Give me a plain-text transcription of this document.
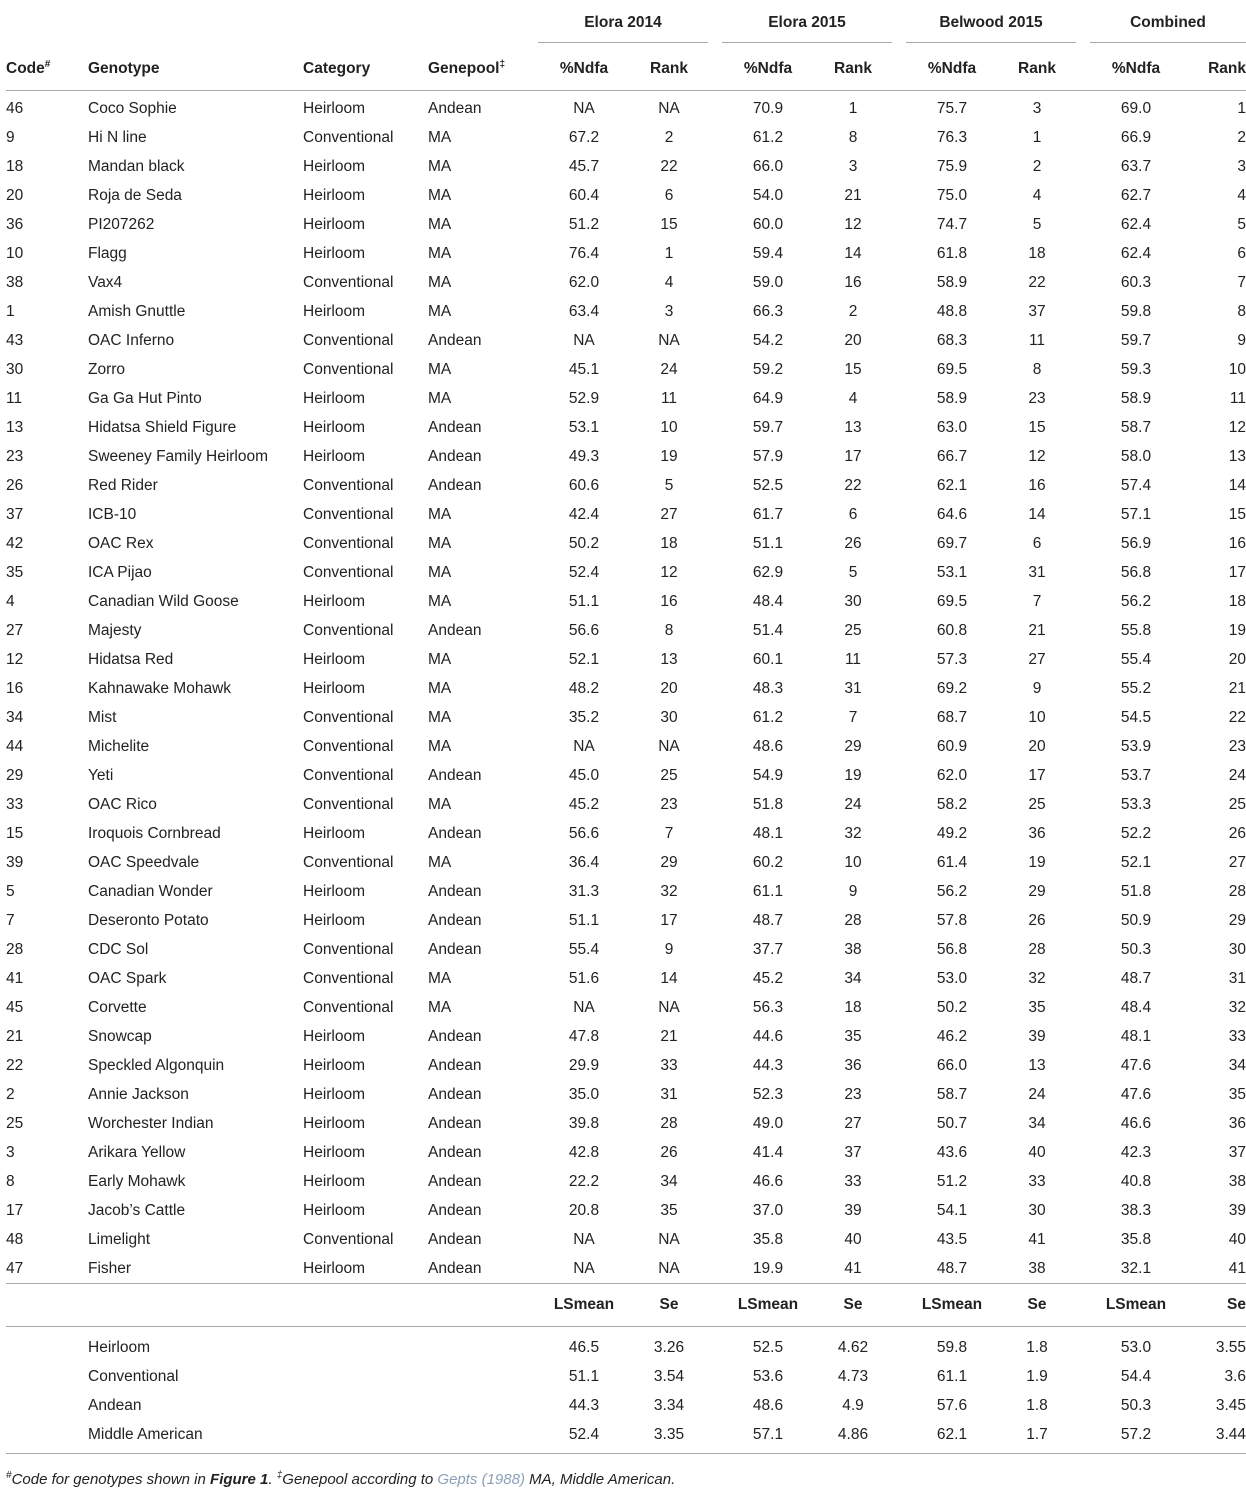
				Elora 2014			Elora 2015			Belwood 2015			Combined	

Code#	Genotype	Category	Genepool‡	%Ndfa	Rank		%Ndfa	Rank		%Ndfa	Rank		%Ndfa	Rank
46	Coco Sophie	Heirloom	Andean	NA	NA		70.9	1		75.7	3		69.0	1
9	Hi N line	Conventional	MA	67.2	2		61.2	8		76.3	1		66.9	2
18	Mandan black	Heirloom	MA	45.7	22		66.0	3		75.9	2		63.7	3
20	Roja de Seda	Heirloom	MA	60.4	6		54.0	21		75.0	4		62.7	4
36	PI207262	Heirloom	MA	51.2	15		60.0	12		74.7	5		62.4	5
10	Flagg	Heirloom	MA	76.4	1		59.4	14		61.8	18		62.4	6
38	Vax4	Conventional	MA	62.0	4		59.0	16		58.9	22		60.3	7
1	Amish Gnuttle	Heirloom	MA	63.4	3		66.3	2		48.8	37		59.8	8
43	OAC Inferno	Conventional	Andean	NA	NA		54.2	20		68.3	11		59.7	9
30	Zorro	Conventional	MA	45.1	24		59.2	15		69.5	8		59.3	10
11	Ga Ga Hut Pinto	Heirloom	MA	52.9	11		64.9	4		58.9	23		58.9	11
13	Hidatsa Shield Figure	Heirloom	Andean	53.1	10		59.7	13		63.0	15		58.7	12
23	Sweeney Family Heirloom	Heirloom	Andean	49.3	19		57.9	17		66.7	12		58.0	13
26	Red Rider	Conventional	Andean	60.6	5		52.5	22		62.1	16		57.4	14
37	ICB-10	Conventional	MA	42.4	27		61.7	6		64.6	14		57.1	15
42	OAC Rex	Conventional	MA	50.2	18		51.1	26		69.7	6		56.9	16
35	ICA Pijao	Conventional	MA	52.4	12		62.9	5		53.1	31		56.8	17
4	Canadian Wild Goose	Heirloom	MA	51.1	16		48.4	30		69.5	7		56.2	18
27	Majesty	Conventional	Andean	56.6	8		51.4	25		60.8	21		55.8	19
12	Hidatsa Red	Heirloom	MA	52.1	13		60.1	11		57.3	27		55.4	20
16	Kahnawake Mohawk	Heirloom	MA	48.2	20		48.3	31		69.2	9		55.2	21
34	Mist	Conventional	MA	35.2	30		61.2	7		68.7	10		54.5	22
44	Michelite	Conventional	MA	NA	NA		48.6	29		60.9	20		53.9	23
29	Yeti	Conventional	Andean	45.0	25		54.9	19		62.0	17		53.7	24
33	OAC Rico	Conventional	MA	45.2	23		51.8	24		58.2	25		53.3	25
15	Iroquois Cornbread	Heirloom	Andean	56.6	7		48.1	32		49.2	36		52.2	26
39	OAC Speedvale	Conventional	MA	36.4	29		60.2	10		61.4	19		52.1	27
5	Canadian Wonder	Heirloom	Andean	31.3	32		61.1	9		56.2	29		51.8	28
7	Deseronto Potato	Heirloom	Andean	51.1	17		48.7	28		57.8	26		50.9	29
28	CDC Sol	Conventional	Andean	55.4	9		37.7	38		56.8	28		50.3	30
41	OAC Spark	Conventional	MA	51.6	14		45.2	34		53.0	32		48.7	31
45	Corvette	Conventional	MA	NA	NA		56.3	18		50.2	35		48.4	32
21	Snowcap	Heirloom	Andean	47.8	21		44.6	35		46.2	39		48.1	33
22	Speckled Algonquin	Heirloom	Andean	29.9	33		44.3	36		66.0	13		47.6	34
2	Annie Jackson	Heirloom	Andean	35.0	31		52.3	23		58.7	24		47.6	35
25	Worchester Indian	Heirloom	Andean	39.8	28		49.0	27		50.7	34		46.6	36
3	Arikara Yellow	Heirloom	Andean	42.8	26		41.4	37		43.6	40		42.3	37
8	Early Mohawk	Heirloom	Andean	22.2	34		46.6	33		51.2	33		40.8	38
17	Jacob’s Cattle	Heirloom	Andean	20.8	35		37.0	39		54.1	30		38.3	39
48	Limelight	Conventional	Andean	NA	NA		35.8	40		43.5	41		35.8	40
47	Fisher	Heirloom	Andean	NA	NA		19.9	41		48.7	38		32.1	41
				LSmean	Se		LSmean	Se		LSmean	Se		LSmean	Se
	Heirloom			46.5	3.26		52.5	4.62		59.8	1.8		53.0	3.55
	Conventional			51.1	3.54		53.6	4.73		61.1	1.9		54.4	3.6
	Andean			44.3	3.34		48.6	4.9		57.6	1.8		50.3	3.45
	Middle American			52.4	3.35		57.1	4.86		62.1	1.7		57.2	3.44
#Code for genotypes shown in Figure 1. ‡Genepool according to Gepts (1988) MA, Middle American.
